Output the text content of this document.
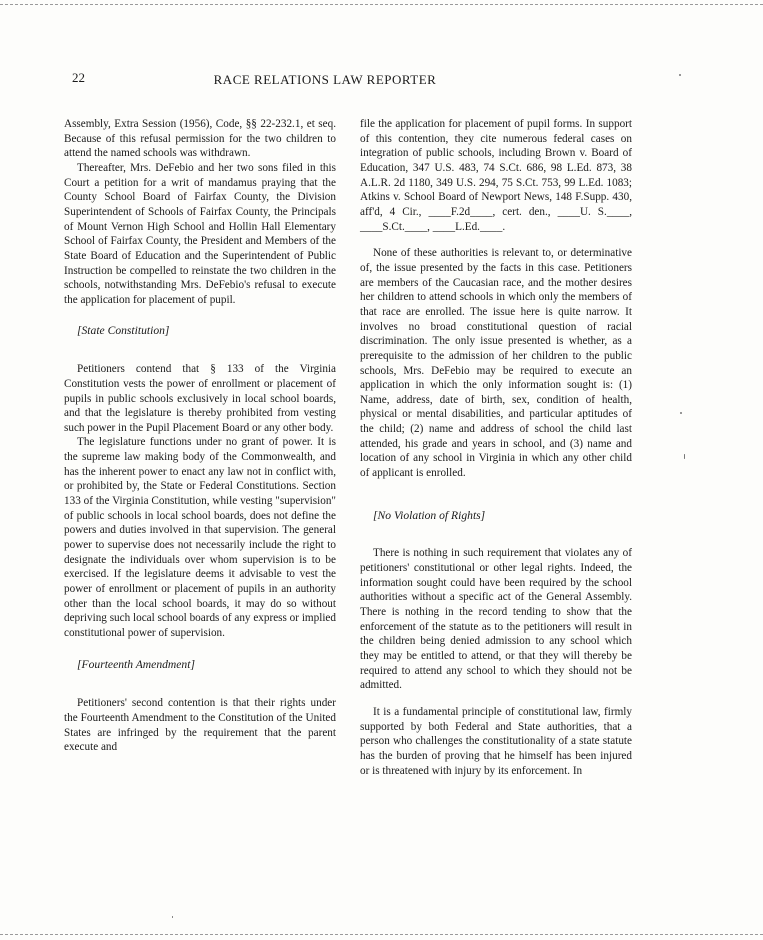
22	RACE RELATIONS LAW REPORTER

Assembly, Extra Session (1956), Code, §§ 22-232.1, et seq. Because of this refusal permission for the two children to attend the named schools was withdrawn.

Thereafter, Mrs. DeFebio and her two sons filed in this Court a petition for a writ of mandamus praying that the County School Board of Fairfax County, the Division Superintendent of Schools of Fairfax County, the Principals of Mount Vernon High School and Hollin Hall Elementary School of Fairfax County, the President and Members of the State Board of Education and the Superintendent of Public Instruction be compelled to reinstate the two children in the schools, notwithstanding Mrs. DeFebio's refusal to execute the application for placement of pupil.

[State Constitution]

Petitioners contend that § 133 of the Virginia Constitution vests the power of enrollment or placement of pupils in public schools exclusively in local school boards, and that the legislature is thereby prohibited from vesting such power in the Pupil Placement Board or any other body.

The legislature functions under no grant of power. It is the supreme law making body of the Commonwealth, and has the inherent power to enact any law not in conflict with, or prohibited by, the State or Federal Constitutions. Section 133 of the Virginia Constitution, while vesting "supervision" of public schools in local school boards, does not define the powers and duties involved in that supervision. The general power to supervise does not necessarily include the right to designate the individuals over whom supervision is to be exercised. If the legislature deems it advisable to vest the power of enrollment or placement of pupils in an authority other than the local school boards, it may do so without depriving such local school boards of any express or implied constitutional power of supervision.

[Fourteenth Amendment]

Petitioners' second contention is that their rights under the Fourteenth Amendment to the Constitution of the United States are infringed by the requirement that the parent execute and

file the application for placement of pupil forms. In support of this contention, they cite numerous federal cases on integration of public schools, including Brown v. Board of Education, 347 U.S. 483, 74 S.Ct. 686, 98 L.Ed. 873, 38 A.L.R. 2d 1180, 349 U.S. 294, 75 S.Ct. 753, 99 L.Ed. 1083; Atkins v. School Board of Newport News, 148 F.Supp. 430, aff'd, 4 Cir., ____F.2d____, cert. den., ____U. S.____, ____S.Ct.____, ____L.Ed.____.

None of these authorities is relevant to, or determinative of, the issue presented by the facts in this case. Petitioners are members of the Caucasian race, and the mother desires her children to attend schools in which only the members of that race are enrolled. The issue here is quite narrow. It involves no broad constitutional question of racial discrimination. The only issue presented is whether, as a prerequisite to the admission of her children to the public schools, Mrs. DeFebio may be required to execute an application in which the only information sought is: (1) Name, address, date of birth, sex, condition of health, physical or mental disabilities, and particular aptitudes of the child; (2) name and address of school the child last attended, his grade and years in school, and (3) name and location of any school in Virginia in which any other child of applicant is enrolled.

[No Violation of Rights]

There is nothing in such requirement that violates any of petitioners' constitutional or other legal rights. Indeed, the information sought could have been required by the school authorities without a specific act of the General Assembly. There is nothing in the record tending to show that the enforcement of the statute as to the petitioners will result in the children being denied admission to any school which they may be entitled to attend, or that they will thereby be required to attend any school to which they should not be admitted.

It is a fundamental principle of constitutional law, firmly supported by both Federal and State authorities, that a person who challenges the constitutionality of a state statute has the burden of proving that he himself has been injured or is threatened with injury by its enforcement. In
